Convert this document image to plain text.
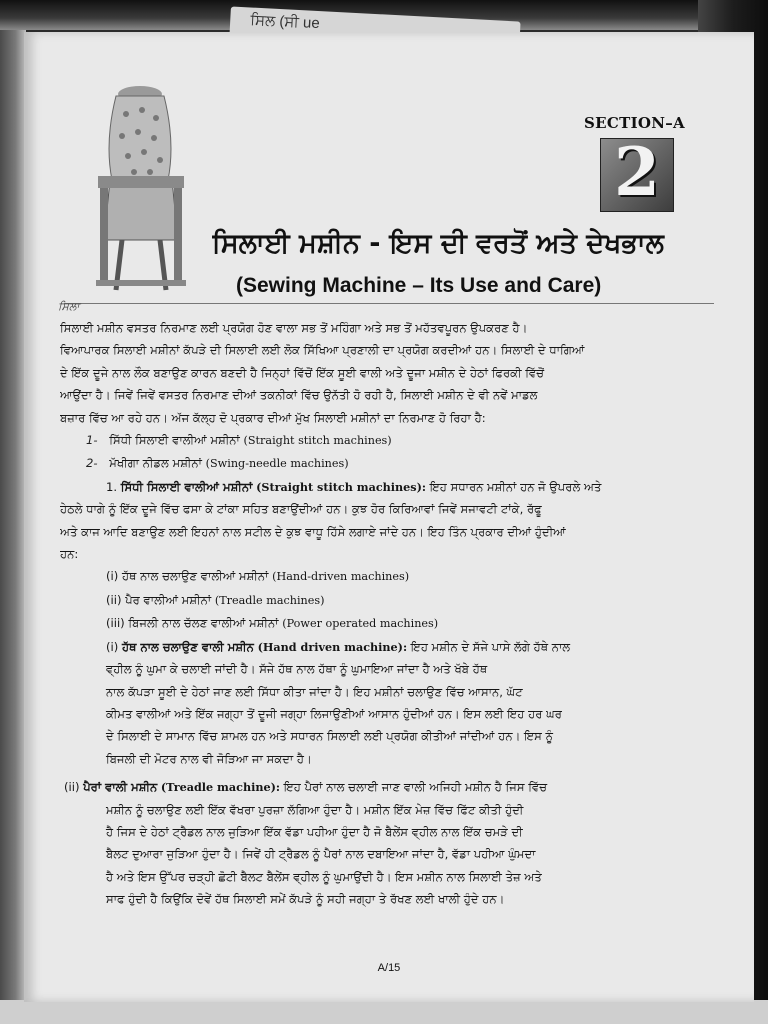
ਸਿਲ (ਸੀ ue
SECTION–A
2
ਸਿਲਾਈ ਮਸ਼ੀਨ - ਇਸ ਦੀ ਵਰਤੋਂ ਅਤੇ ਦੇਖਭਾਲ
(Sewing Machine – Its Use and Care)
ਸਿਲਾ
ਸਿਲਾਈ ਮਸ਼ੀਨ ਵਸਤਰ ਨਿਰਮਾਣ ਲਈ ਪ੍ਰਯੋਗ ਹੋਣ ਵਾਲਾ ਸਭ ਤੋਂ ਮਹਿੰਗਾ ਅਤੇ ਸਭ ਤੋਂ ਮਹੱਤਵਪੂਰਨ ਉਪਕਰਣ ਹੈ।
ਵਿਆਪਾਰਕ ਸਿਲਾਈ ਮਸ਼ੀਨਾਂ ਕੱਪੜੇ ਦੀ ਸਿਲਾਈ ਲਈ ਲੋਕ ਸਿੱਖਿਆ ਪ੍ਰਣਾਲੀ ਦਾ ਪ੍ਰਯੋਗ ਕਰਦੀਆਂ ਹਨ। ਸਿਲਾਈ ਦੇ ਧਾਗਿਆਂ
ਦੇ ਇੱਕ ਦੂਜੇ ਨਾਲ ਲੌਕ ਬਣਾਉਣ ਕਾਰਨ ਬਣਦੀ ਹੈ ਜਿਨ੍ਹਾਂ ਵਿੱਚੋਂ ਇੱਕ ਸੂਈ ਵਾਲੀ ਅਤੇ ਦੂਜਾ ਮਸ਼ੀਨ ਦੇ ਹੇਠਾਂ ਫਿਰਕੀ ਵਿੱਚੋਂ
ਆਉਂਦਾ ਹੈ। ਜਿਵੇਂ ਜਿਵੇਂ ਵਸਤਰ ਨਿਰਮਾਣ ਦੀਆਂ ਤਕਨੀਕਾਂ ਵਿੱਚ ਉਨੱਤੀ ਹੋ ਰਹੀ ਹੈ, ਸਿਲਾਈ ਮਸ਼ੀਨ ਦੇ ਵੀ ਨਵੇਂ ਮਾਡਲ
ਬਜ਼ਾਰ ਵਿੱਚ ਆ ਰਹੇ ਹਨ। ਅੱਜ ਕੱਲ੍ਹ ਦੋ ਪ੍ਰਕਾਰ ਦੀਆਂ ਮੁੱਖ ਸਿਲਾਈ ਮਸ਼ੀਨਾਂ ਦਾ ਨਿਰਮਾਣ ਹੋ ਰਿਹਾ ਹੈ:
1- ਸਿੱਧੀ ਸਿਲਾਈ ਵਾਲੀਆਂ ਮਸ਼ੀਨਾਂ (Straight stitch machines)
2- ਮੱਖੀਗਾ ਨੀਡਲ ਮਸ਼ੀਨਾਂ (Swing-needle machines)
1. ਸਿੱਧੀ ਸਿਲਾਈ ਵਾਲੀਆਂ ਮਸ਼ੀਨਾਂ (Straight stitch machines): ਇਹ ਸਧਾਰਨ ਮਸ਼ੀਨਾਂ ਹਨ ਜੋ ਉਪਰਲੇ ਅਤੇ
ਹੇਠਲੇ ਧਾਗੇ ਨੂੰ ਇੱਕ ਦੂਜੇ ਵਿੱਚ ਫਸਾ ਕੇ ਟਾਂਕਾ ਸਹਿਤ ਬਣਾਉਂਦੀਆਂ ਹਨ। ਕੁਝ ਹੋਰ ਕਿਰਿਆਵਾਂ ਜਿਵੇਂ ਸਜਾਵਟੀ ਟਾਂਕੇ, ਰੱਫੂ
ਅਤੇ ਕਾਜ ਆਦਿ ਬਣਾਉਣ ਲਈ ਇਹਨਾਂ ਨਾਲ ਸਟੀਲ ਦੇ ਕੁਝ ਵਾਧੂ ਹਿੱਸੇ ਲਗਾਏ ਜਾਂਦੇ ਹਨ। ਇਹ ਤਿੰਨ ਪ੍ਰਕਾਰ ਦੀਆਂ ਹੁੰਦੀਆਂ
ਹਨ:
(i) ਹੱਥ ਨਾਲ ਚਲਾਉਣ ਵਾਲੀਆਂ ਮਸ਼ੀਨਾਂ (Hand-driven machines)
(ii) ਪੈਰ ਵਾਲੀਆਂ ਮਸ਼ੀਨਾਂ (Treadle machines)
(iii) ਬਿਜਲੀ ਨਾਲ ਚੱਲਣ ਵਾਲੀਆਂ ਮਸ਼ੀਨਾਂ (Power operated machines)
(i) ਹੱਥ ਨਾਲ ਚਲਾਉਣ ਵਾਲੀ ਮਸ਼ੀਨ (Hand driven machine): ਇਹ ਮਸ਼ੀਨ ਦੇ ਸੱਜੇ ਪਾਸੇ ਲੱਗੇ ਹੱਥੇ ਨਾਲ
ਵ੍ਹੀਲ ਨੂੰ ਘੁਮਾ ਕੇ ਚਲਾਈ ਜਾਂਦੀ ਹੈ। ਸੱਜੇ ਹੱਥ ਨਾਲ ਹੱਥਾ ਨੂੰ ਘੁਮਾਇਆ ਜਾਂਦਾ ਹੈ ਅਤੇ ਖੱਬੇ ਹੱਥ
ਨਾਲ ਕੱਪੜਾ ਸੂਈ ਦੇ ਹੇਠਾਂ ਜਾਣ ਲਈ ਸਿੱਧਾ ਕੀਤਾ ਜਾਂਦਾ ਹੈ। ਇਹ ਮਸ਼ੀਨਾਂ ਚਲਾਉਣ ਵਿੱਚ ਆਸਾਨ, ਘੱਟ
ਕੀਮਤ ਵਾਲੀਆਂ ਅਤੇ ਇੱਕ ਜਗ੍ਹਾ ਤੋਂ ਦੂਜੀ ਜਗ੍ਹਾ ਲਿਜਾਉਣੀਆਂ ਆਸਾਨ ਹੁੰਦੀਆਂ ਹਨ। ਇਸ ਲਈ ਇਹ ਹਰ ਘਰ
ਦੇ ਸਿਲਾਈ ਦੇ ਸਾਮਾਨ ਵਿੱਚ ਸ਼ਾਮਲ ਹਨ ਅਤੇ ਸਧਾਰਨ ਸਿਲਾਈ ਲਈ ਪ੍ਰਯੋਗ ਕੀਤੀਆਂ ਜਾਂਦੀਆਂ ਹਨ। ਇਸ ਨੂੰ
ਬਿਜਲੀ ਦੀ ਮੋਟਰ ਨਾਲ ਵੀ ਜੋੜਿਆ ਜਾ ਸਕਦਾ ਹੈ।
(ii) ਪੈਰਾਂ ਵਾਲੀ ਮਸ਼ੀਨ (Treadle machine): ਇਹ ਪੈਰਾਂ ਨਾਲ ਚਲਾਈ ਜਾਣ ਵਾਲੀ ਅਜਿਹੀ ਮਸ਼ੀਨ ਹੈ ਜਿਸ ਵਿੱਚ
ਮਸ਼ੀਨ ਨੂੰ ਚਲਾਉਣ ਲਈ ਇੱਕ ਵੱਖਰਾ ਪੁਰਜ਼ਾ ਲੱਗਿਆ ਹੁੰਦਾ ਹੈ। ਮਸ਼ੀਨ ਇੱਕ ਮੇਜ਼ ਵਿੱਚ ਫਿੱਟ ਕੀਤੀ ਹੁੰਦੀ
ਹੈ ਜਿਸ ਦੇ ਹੇਠਾਂ ਟ੍ਰੈਡਲ ਨਾਲ ਜੁੜਿਆ ਇੱਕ ਵੱਡਾ ਪਹੀਆ ਹੁੰਦਾ ਹੈ ਜੋ ਬੈਲੇਂਸ ਵ੍ਹੀਲ ਨਾਲ ਇੱਕ ਚਮੜੇ ਦੀ
ਬੈਲਟ ਦੁਆਰਾ ਜੁੜਿਆ ਹੁੰਦਾ ਹੈ। ਜਿਵੇਂ ਹੀ ਟ੍ਰੈਡਲ ਨੂੰ ਪੈਰਾਂ ਨਾਲ ਦਬਾਇਆ ਜਾਂਦਾ ਹੈ, ਵੱਡਾ ਪਹੀਆ ਘੁੰਮਦਾ
ਹੈ ਅਤੇ ਇਸ ਉੱਪਰ ਚੜ੍ਹੀ ਛੋਟੀ ਬੈਲਟ ਬੈਲੇਂਸ ਵ੍ਹੀਲ ਨੂੰ ਘੁਮਾਉਂਦੀ ਹੈ। ਇਸ ਮਸ਼ੀਨ ਨਾਲ ਸਿਲਾਈ ਤੇਜ਼ ਅਤੇ
ਸਾਫ ਹੁੰਦੀ ਹੈ ਕਿਉਂਕਿ ਦੋਵੇਂ ਹੱਥ ਸਿਲਾਈ ਸਮੇਂ ਕੱਪੜੇ ਨੂੰ ਸਹੀ ਜਗ੍ਹਾ ਤੇ ਰੱਖਣ ਲਈ ਖਾਲੀ ਹੁੰਦੇ ਹਨ।
A/15
